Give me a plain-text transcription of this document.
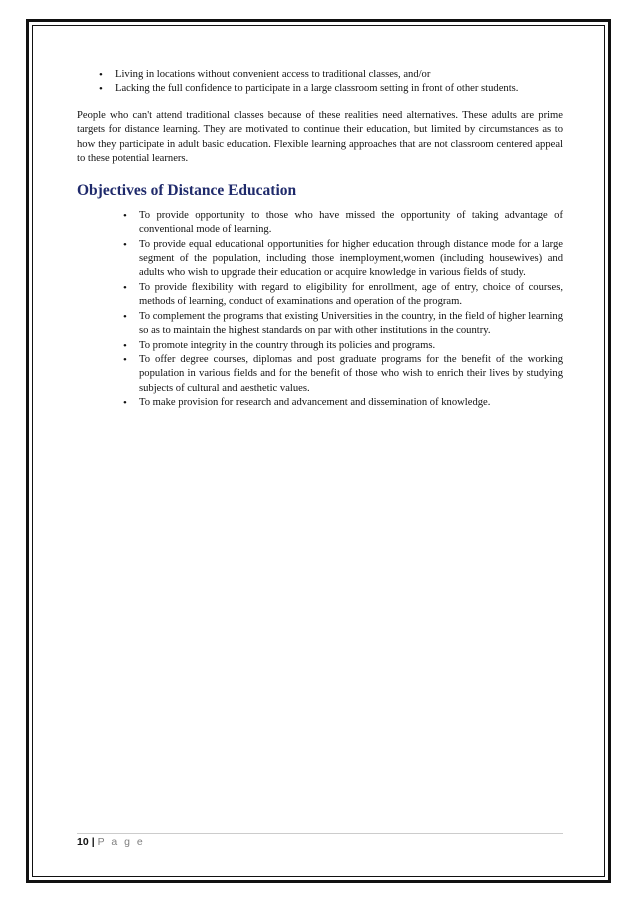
• Living in locations without convenient access to traditional classes, and/or
• Lacking the full confidence to participate in a large classroom setting in front of other students.

People who can't attend traditional classes because of these realities need alternatives. These adults are prime targets for distance learning. They are motivated to continue their education, but limited by circumstances as to how they participate in adult basic education. Flexible learning approaches that are not classroom centered appeal to these potential learners.

Objectives of Distance Education
• To provide opportunity to those who have missed the opportunity of taking advantage of conventional mode of learning.
• To provide equal educational opportunities for higher education through distance mode for a large segment of the population, including those inemployment,women (including housewives) and adults who wish to upgrade their education or acquire knowledge in various fields of study.
• To provide flexibility with regard to eligibility for enrollment, age of entry, choice of courses, methods of learning, conduct of examinations and operation of the program.
• To complement the programs that existing Universities in the country, in the field of higher learning so as to maintain the highest standards on par with other institutions in the country.
• To promote integrity in the country through its policies and programs.
• To offer degree courses, diplomas and post graduate programs for the benefit of the working population in various fields and for the benefit of those who wish to enrich their lives by studying subjects of cultural and aesthetic values.
• To make provision for research and advancement and dissemination of knowledge.
10 | P a g e
